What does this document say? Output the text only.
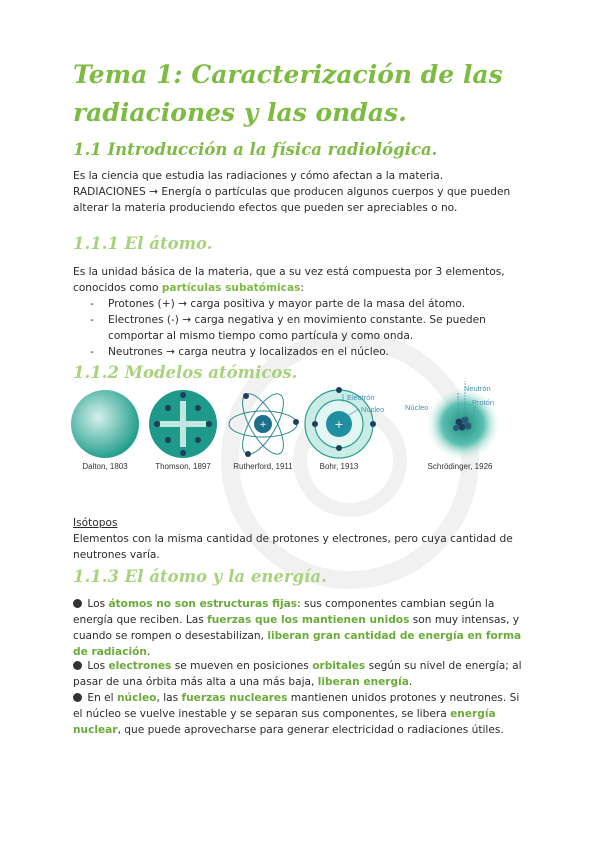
Tema 1: Caracterización de las radiaciones y las ondas.
1.1 Introducción a la física radiológica.

Es la ciencia que estudia las radiaciones y cómo afectan a la materia.

RADIACIONES → Energía o partículas que producen algunos cuerpos y que pueden alterar la materia produciendo efectos que pueden ser apreciables o no.

1.1.1 El átomo.

Es la unidad básica de la materia, que a su vez está compuesta por 3 elementos, conocidos como partículas subatómicas:

- Protones (+) → carga positiva y mayor parte de la masa del átomo.
- Electrones (-) → carga negativa y en movimiento constante. Se pueden comportar al mismo tiempo como partícula y como onda.
- Neutrones → carga neutra y localizados en el núcleo.
1.1.2 Modelos atómicos.
Dalton, 1803	Thomson, 1897
+
Rutherford, 1911
+
Electrón
Núcleo
Bohr, 1913
Núcleo
Neutrón
Protón
Schrödinger, 1926

Isótopos

Elementos con la misma cantidad de protones y electrones, pero cuya cantidad de neutrones varía.

1.1.3 El átomo y la energía.

Los átomos no son estructuras fijas: sus componentes cambian según la energía que reciben. Las fuerzas que los mantienen unidos son muy intensas, y cuando se rompen o desestabilizan, liberan gran cantidad de energía en forma de radiación.

Los electrones se mueven en posiciones orbitales según su nivel de energía; al pasar de una órbita más alta a una más baja, liberan energía.

En el núcleo, las fuerzas nucleares mantienen unidos protones y neutrones. Si el núcleo se vuelve inestable y se separan sus componentes, se libera energía nuclear, que puede aprovecharse para generar electricidad o radiaciones útiles.
